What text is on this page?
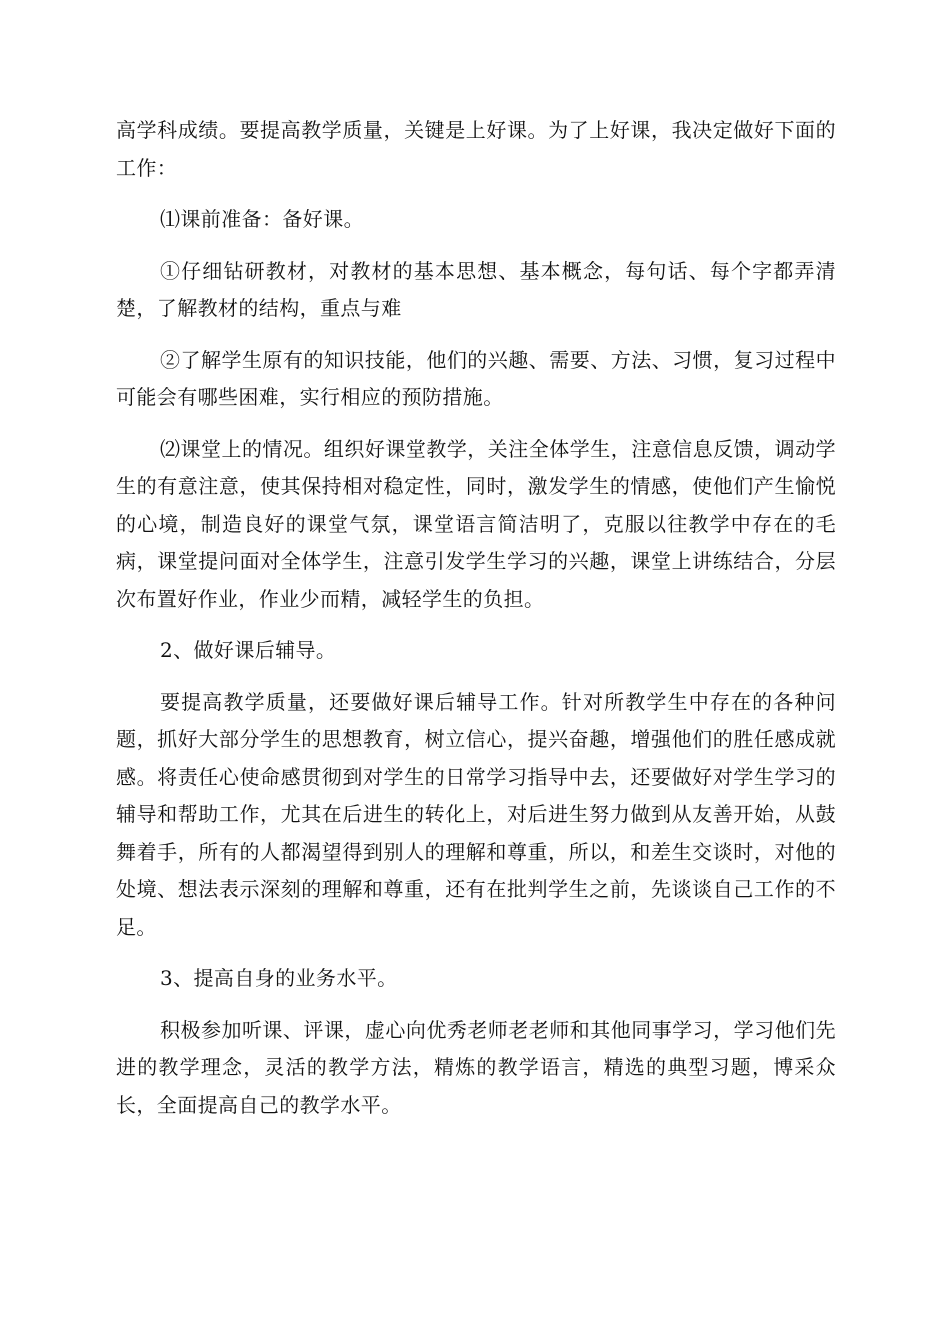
高学科成绩。要提高教学质量，关键是上好课。为了上好课，我决定做好下面的工作：

⑴课前准备：备好课。

①仔细钻研教材，对教材的基本思想、基本概念，每句话、每个字都弄清楚，了解教材的结构，重点与难

②了解学生原有的知识技能，他们的兴趣、需要、方法、习惯，复习过程中可能会有哪些困难，实行相应的预防措施。

⑵课堂上的情况。组织好课堂教学，关注全体学生，注意信息反馈，调动学生的有意注意，使其保持相对稳定性，同时，激发学生的情感，使他们产生愉悦的心境，制造良好的课堂气氛，课堂语言简洁明了，克服以往教学中存在的毛病，课堂提问面对全体学生，注意引发学生学习的兴趣，课堂上讲练结合，分层次布置好作业，作业少而精，减轻学生的负担。

2、做好课后辅导。

要提高教学质量，还要做好课后辅导工作。针对所教学生中存在的各种问题，抓好大部分学生的思想教育，树立信心，提兴奋趣，增强他们的胜任感成就感。将责任心使命感贯彻到对学生的日常学习指导中去，还要做好对学生学习的辅导和帮助工作，尤其在后进生的转化上，对后进生努力做到从友善开始，从鼓舞着手，所有的人都渴望得到别人的理解和尊重，所以，和差生交谈时，对他的处境、想法表示深刻的理解和尊重，还有在批判学生之前，先谈谈自己工作的不足。

3、提高自身的业务水平。

积极参加听课、评课，虚心向优秀老师老老师和其他同事学习，学习他们先进的教学理念，灵活的教学方法，精炼的教学语言，精选的典型习题，博采众长，全面提高自己的教学水平。
